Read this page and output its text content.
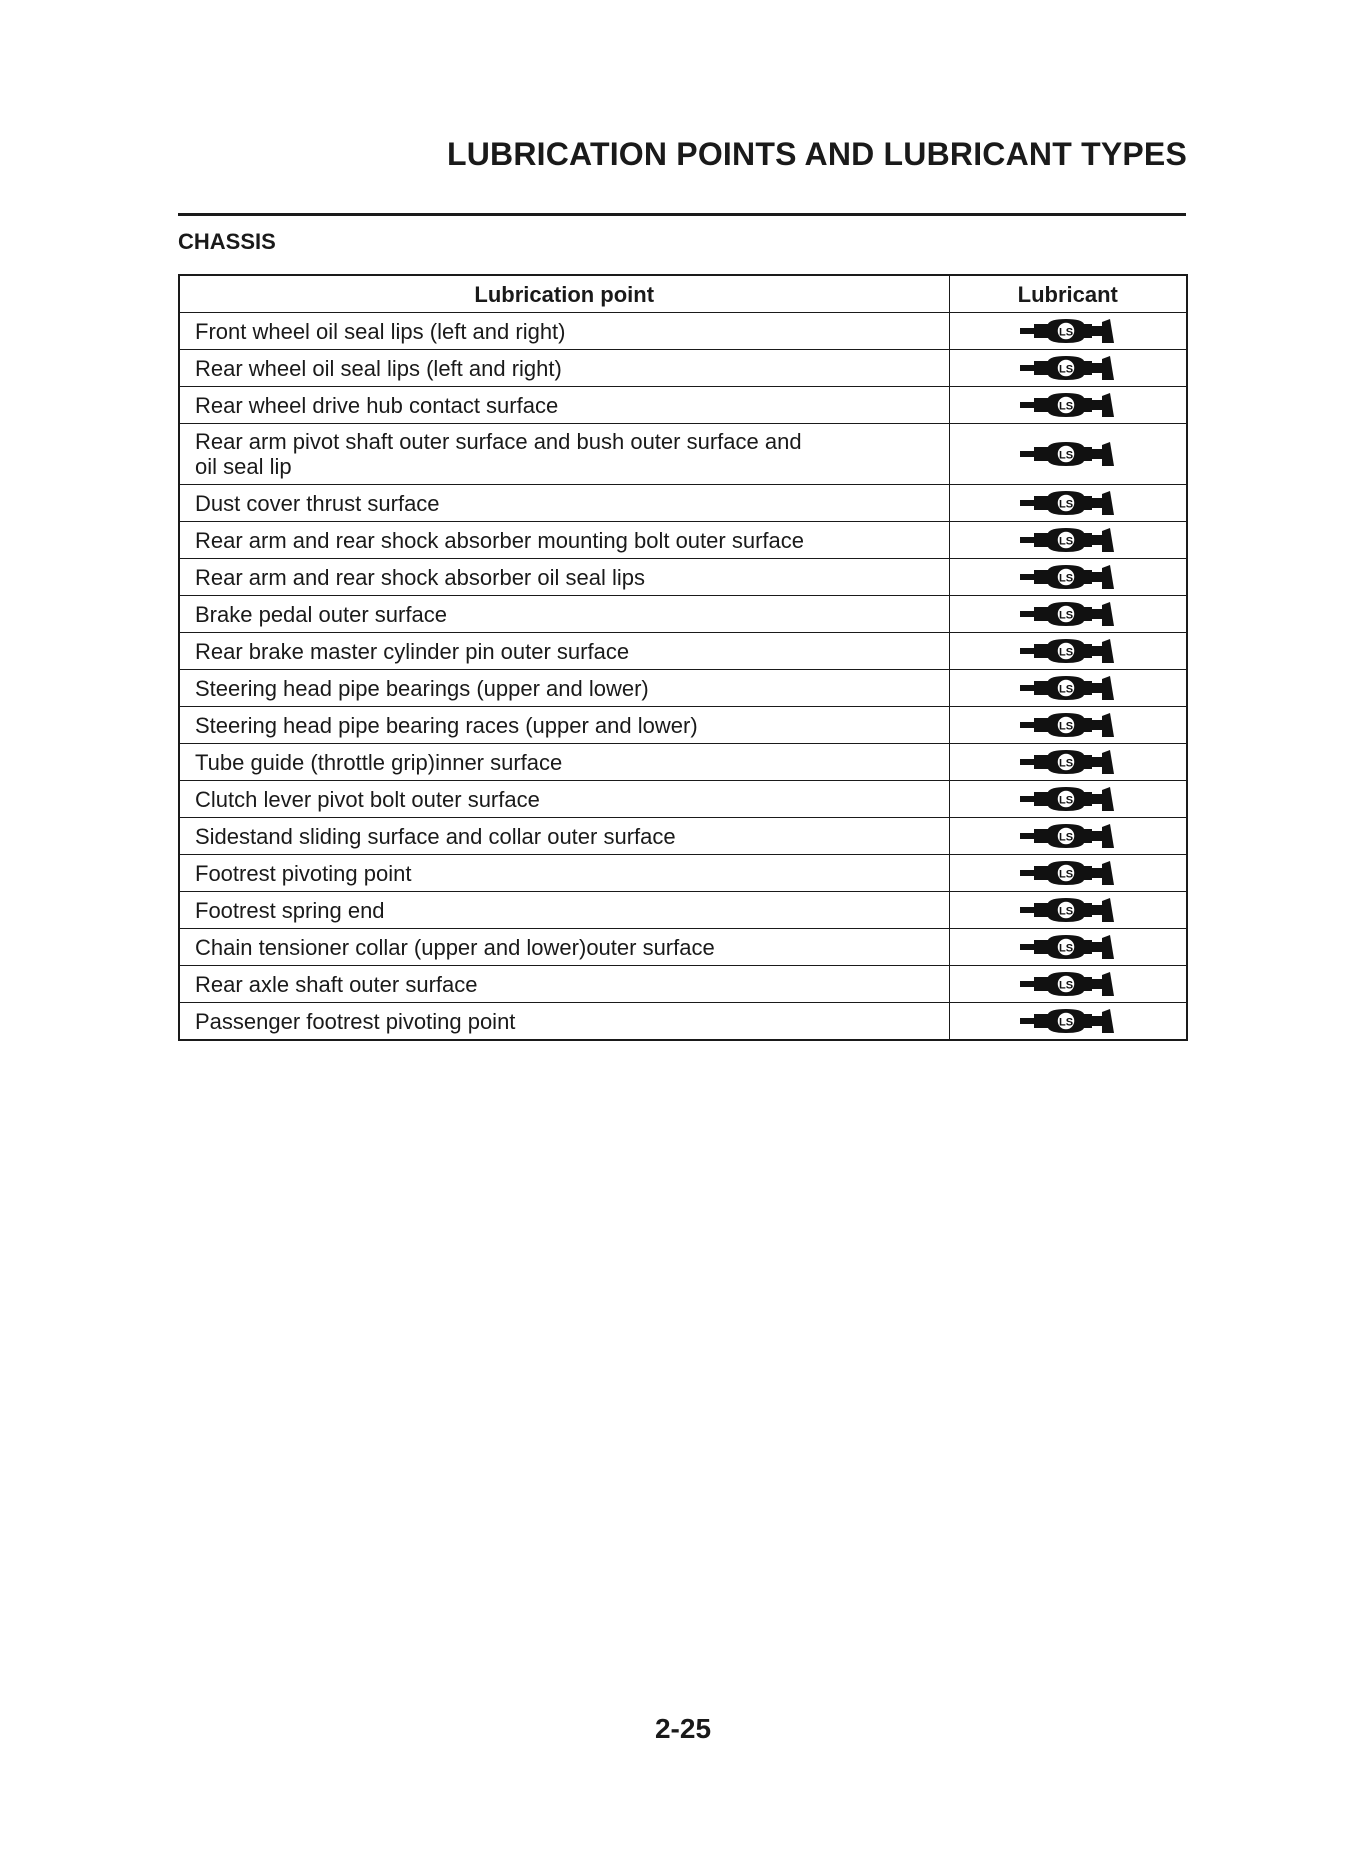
LUBRICATION POINTS AND LUBRICANT TYPES
CHASSIS
Lubrication point	Lubricant

Front wheel oil seal lips (left and right)	LS

Rear wheel oil seal lips (left and right)	LS

Rear wheel drive hub contact surface	LS

Rear arm pivot shaft outer surface and bush outer surface and
oil seal lip	LS

Dust cover thrust surface	LS

Rear arm and rear shock absorber mounting bolt outer surface	LS

Rear arm and rear shock absorber oil seal lips	LS

Brake pedal outer surface	LS

Rear brake master cylinder pin outer surface	LS

Steering head pipe bearings (upper and lower)	LS

Steering head pipe bearing races (upper and lower)	LS

Tube guide (throttle grip)inner surface	LS

Clutch lever pivot bolt outer surface	LS

Sidestand sliding surface and collar outer surface	LS

Footrest pivoting point	LS

Footrest spring end	LS

Chain tensioner collar (upper and lower)outer surface	LS

Rear axle shaft outer surface	LS

Passenger footrest pivoting point	LS
2-25
